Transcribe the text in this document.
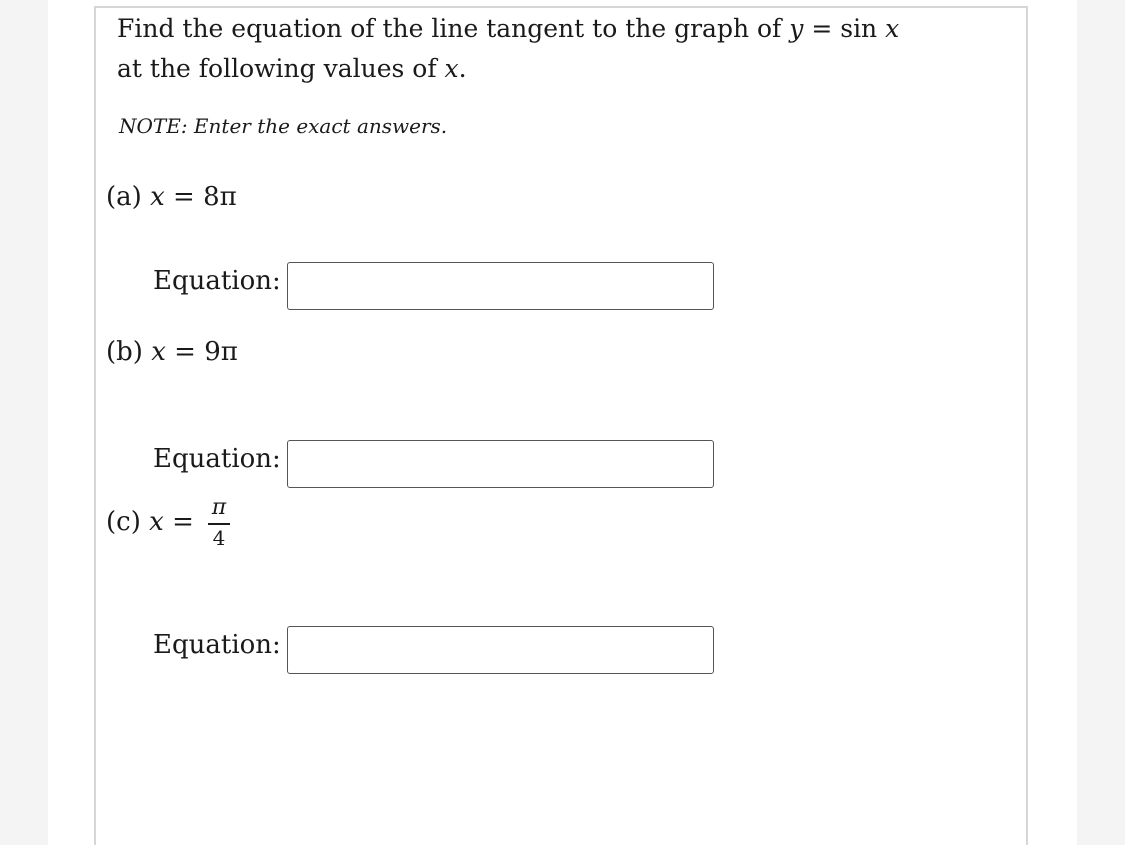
Find the equation of the line tangent to the graph of y = sin x
at the following values of x.
NOTE: Enter the exact answers.
(a) x = 8π
Equation:
(b) x = 9π
Equation:
(c) x = π
4
Equation:
